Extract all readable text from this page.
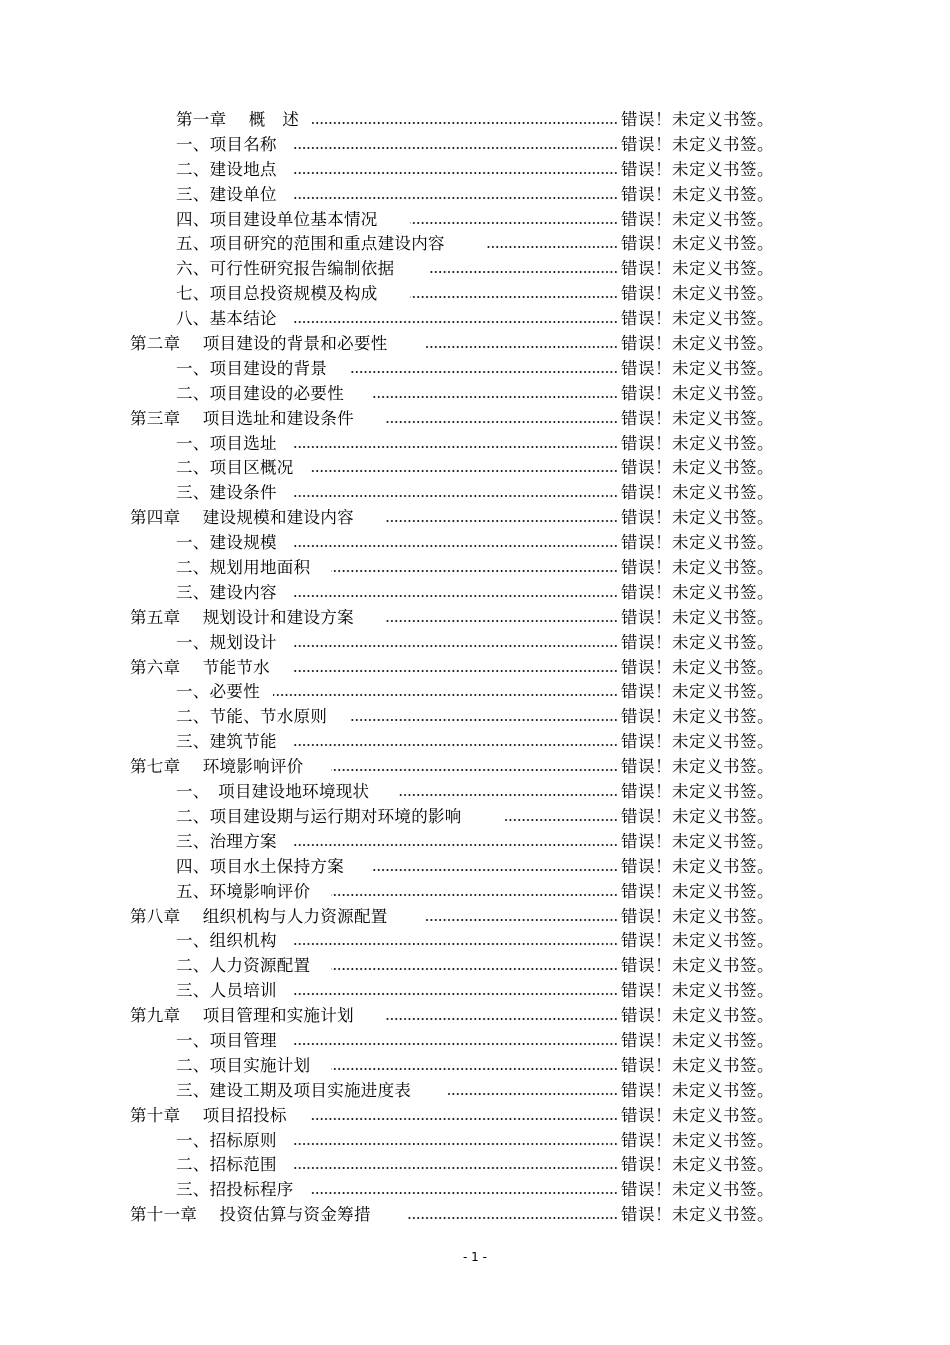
第一章　 概　述	错误！未定义书签。
一、项目名称	错误！未定义书签。
二、建设地点	错误！未定义书签。
三、建设单位	错误！未定义书签。
四、项目建设单位基本情况	错误！未定义书签。
五、项目研究的范围和重点建设内容	错误！未定义书签。
六、可行性研究报告编制依据	错误！未定义书签。
七、项目总投资规模及构成	错误！未定义书签。
八、基本结论	错误！未定义书签。
第二章　 项目建设的背景和必要性	错误！未定义书签。
一、项目建设的背景	错误！未定义书签。
二、项目建设的必要性	错误！未定义书签。
第三章　 项目选址和建设条件	错误！未定义书签。
一、项目选址	错误！未定义书签。
二、项目区概况	错误！未定义书签。
三、建设条件	错误！未定义书签。
第四章　 建设规模和建设内容	错误！未定义书签。
一、建设规模	错误！未定义书签。
二、规划用地面积	错误！未定义书签。
三、建设内容	错误！未定义书签。
第五章　 规划设计和建设方案	错误！未定义书签。
一、规划设计	错误！未定义书签。
第六章　 节能节水	错误！未定义书签。
一、必要性	错误！未定义书签。
二、节能、节水原则	错误！未定义书签。
三、建筑节能	错误！未定义书签。
第七章　 环境影响评价	错误！未定义书签。
一、　项目建设地环境现状	错误！未定义书签。
二、项目建设期与运行期对环境的影响	错误！未定义书签。
三、治理方案	错误！未定义书签。
四、项目水土保持方案	错误！未定义书签。
五、环境影响评价	错误！未定义书签。
第八章　 组织机构与人力资源配置	错误！未定义书签。
一、组织机构	错误！未定义书签。
二、人力资源配置	错误！未定义书签。
三、人员培训	错误！未定义书签。
第九章　 项目管理和实施计划	错误！未定义书签。
一、项目管理	错误！未定义书签。
二、项目实施计划	错误！未定义书签。
三、建设工期及项目实施进度表	错误！未定义书签。
第十章　 项目招投标	错误！未定义书签。
一、招标原则	错误！未定义书签。
二、招标范围	错误！未定义书签。
三、招投标程序	错误！未定义书签。
第十一章　 投资估算与资金筹措	错误！未定义书签。
- 1 -
